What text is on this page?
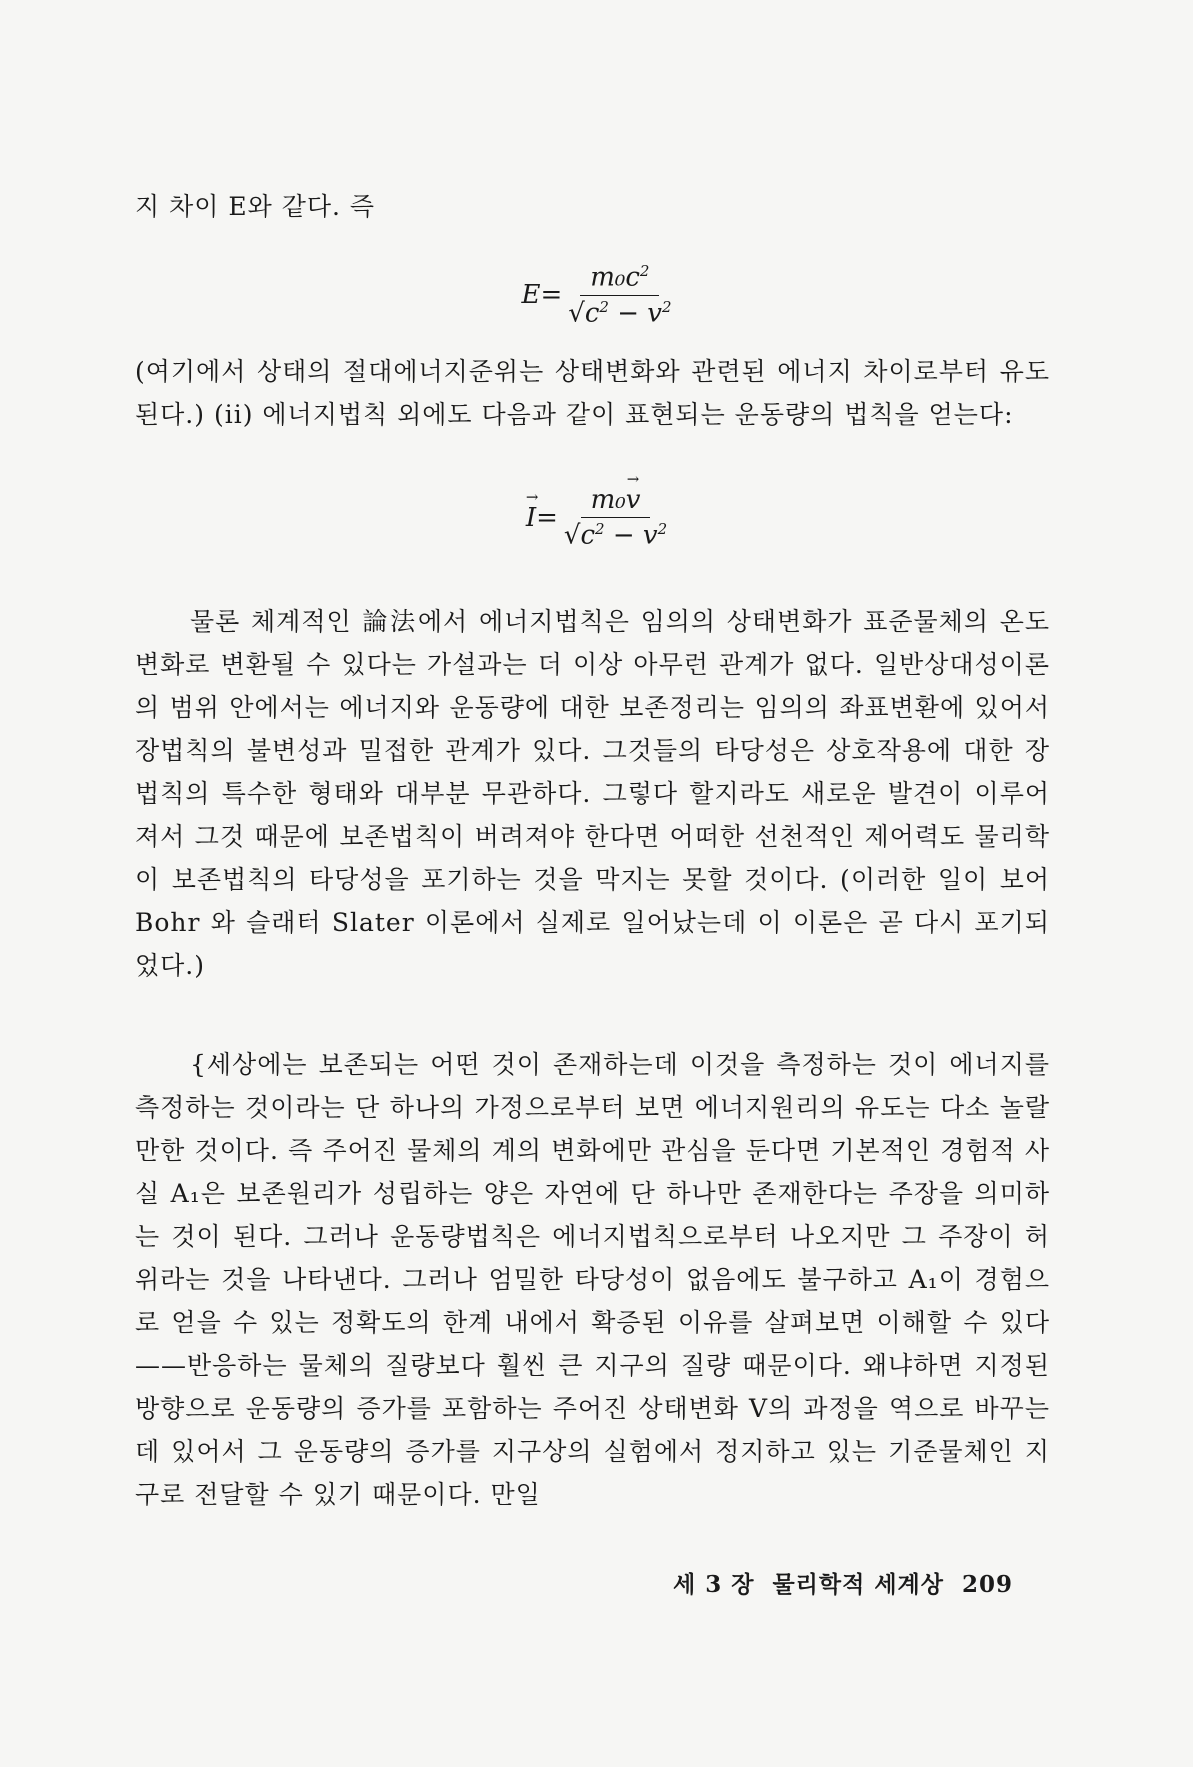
지 차이 E와 같다. 즉

$E= \frac{m_0c^2}{√c^2 - v^2}$

(여기에서 상태의 절대에너지준위는 상태변화와 관련된 에너지 차이로부터 유도된다.) (ii) 에너지법칙 외에도 다음과 같이 표현되는 운동량의 법칙을 얻는다:

→ $I= \frac{\text{m₀→ v}}{√c^2 - v^2}$

물론 체계적인 論法에서 에너지법칙은 임의의 상태변화가 표준물체의 온도변화로 변환될 수 있다는 가설과는 더 이상 아무런 관계가 없다. 일반상대성이론의 범위 안에서는 에너지와 운동량에 대한 보존정리는 임의의 좌표변환에 있어서 장법칙의 불변성과 밀접한 관계가 있다. 그것들의 타당성은 상호작용에 대한 장법칙의 특수한 형태와 대부분 무관하다. 그렇다 할지라도 새로운 발견이 이루어져서 그것 때문에 보존법칙이 버려져야 한다면 어떠한 선천적인 제어력도 물리학이 보존법칙의 타당성을 포기하는 것을 막지는 못할 것이다. (이러한 일이 보어 Bohr 와 슬래터 Slater 이론에서 실제로 일어났는데 이 이론은 곧 다시 포기되었다.)

{세상에는 보존되는 어떤 것이 존재하는데 이것을 측정하는 것이 에너지를 측정하는 것이라는 단 하나의 가정으로부터 보면 에너지원리의 유도는 다소 놀랄 만한 것이다. 즉 주어진 물체의 계의 변화에만 관심을 둔다면 기본적인 경험적 사실 A₁은 보존원리가 성립하는 양은 자연에 단 하나만 존재한다는 주장을 의미하는 것이 된다. 그러나 운동량법칙은 에너지법칙으로부터 나오지만 그 주장이 허위라는 것을 나타낸다. 그러나 엄밀한 타당성이 없음에도 불구하고 A₁이 경험으로 얻을 수 있는 정확도의 한계 내에서 확증된 이유를 살펴보면 이해할 수 있다 ——반응하는 물체의 질량보다 훨씬 큰 지구의 질량 때문이다. 왜냐하면 지정된 방향으로 운동량의 증가를 포함하는 주어진 상태변화 V의 과정을 역으로 바꾸는 데 있어서 그 운동량의 증가를 지구상의 실험에서 정지하고 있는 기준물체인 지구로 전달할 수 있기 때문이다. 만일

세 3 장 물리학적 세계상 209
